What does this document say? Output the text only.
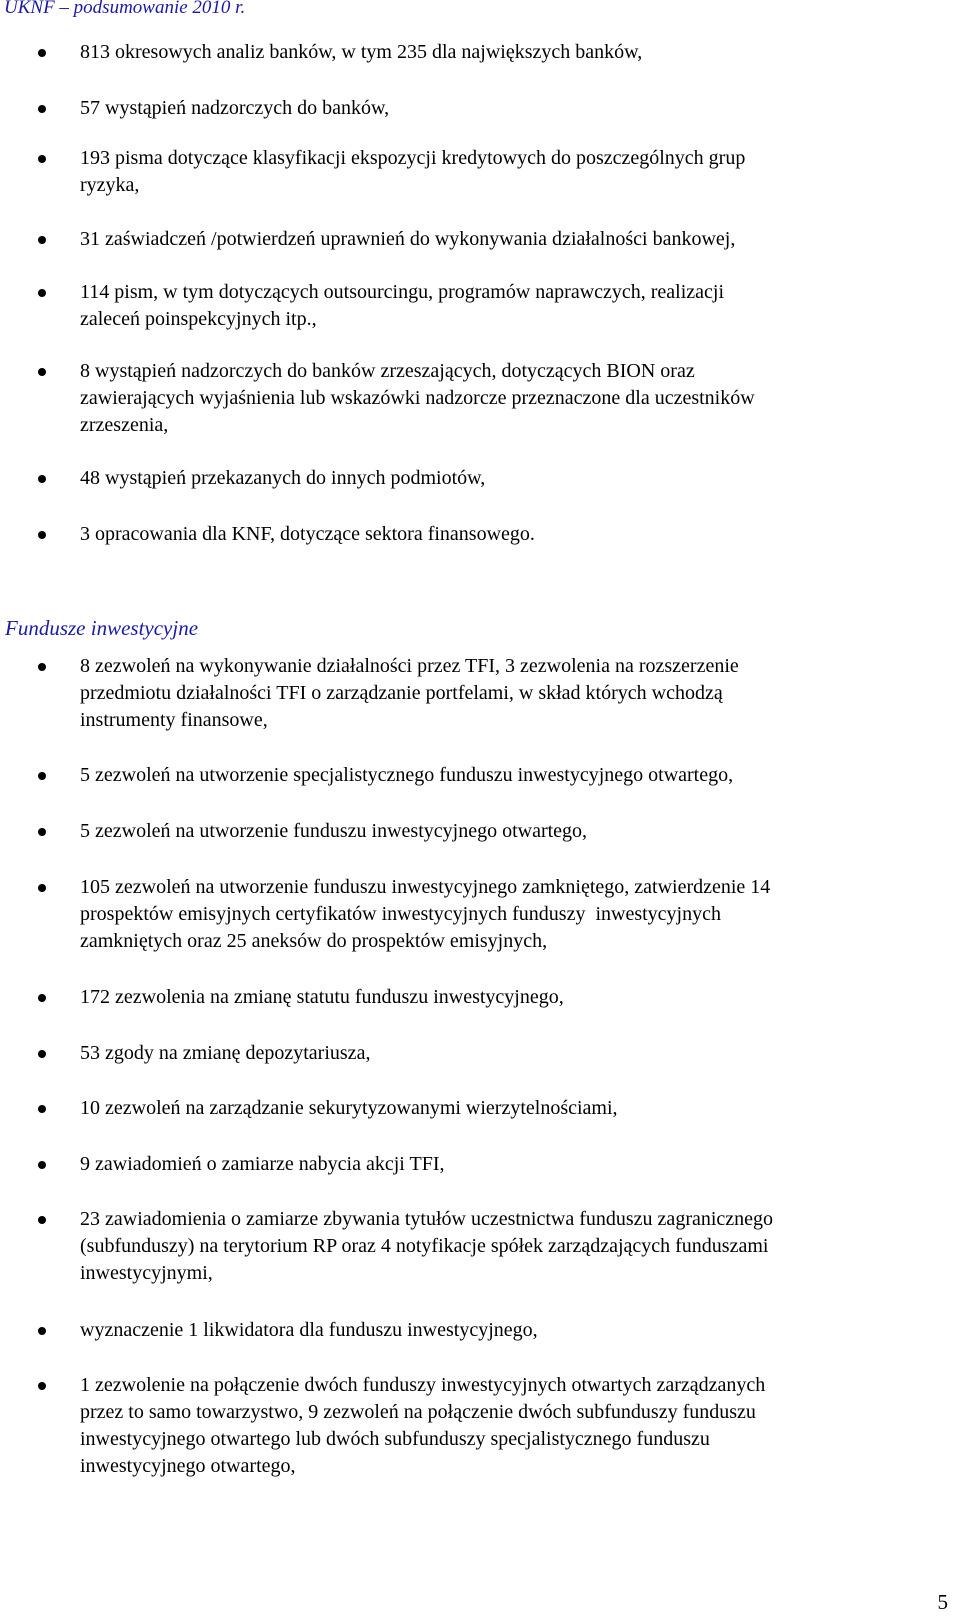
UKNF – podsumowanie 2010 r.
813 okresowych analiz banków, w tym 235 dla największych banków,
57 wystąpień nadzorczych do banków,
193 pisma dotyczące klasyfikacji ekspozycji kredytowych do poszczególnych grup
ryzyka,
31 zaświadczeń /potwierdzeń uprawnień do wykonywania działalności bankowej,
114 pism, w tym dotyczących outsourcingu, programów naprawczych, realizacji
zaleceń poinspekcyjnych itp.,
8 wystąpień nadzorczych do banków zrzeszających, dotyczących BION oraz
zawierających wyjaśnienia lub wskazówki nadzorcze przeznaczone dla uczestników
zrzeszenia,
48 wystąpień przekazanych do innych podmiotów,
3 opracowania dla KNF, dotyczące sektora finansowego.
Fundusze inwestycyjne
8 zezwoleń na wykonywanie działalności przez TFI, 3 zezwolenia na rozszerzenie
przedmiotu działalności TFI o zarządzanie portfelami, w skład których wchodzą
instrumenty finansowe,
5 zezwoleń na utworzenie specjalistycznego funduszu inwestycyjnego otwartego,
5 zezwoleń na utworzenie funduszu inwestycyjnego otwartego,
105 zezwoleń na utworzenie funduszu inwestycyjnego zamkniętego, zatwierdzenie 14
prospektów emisyjnych certyfikatów inwestycyjnych funduszy  inwestycyjnych
zamkniętych oraz 25 aneksów do prospektów emisyjnych,
172 zezwolenia na zmianę statutu funduszu inwestycyjnego,
53 zgody na zmianę depozytariusza,
10 zezwoleń na zarządzanie sekurytyzowanymi wierzytelnościami,
9 zawiadomień o zamiarze nabycia akcji TFI,
23 zawiadomienia o zamiarze zbywania tytułów uczestnictwa funduszu zagranicznego
(subfunduszy) na terytorium RP oraz 4 notyfikacje spółek zarządzających funduszami
inwestycyjnymi,
wyznaczenie 1 likwidatora dla funduszu inwestycyjnego,
1 zezwolenie na połączenie dwóch funduszy inwestycyjnych otwartych zarządzanych
przez to samo towarzystwo, 9 zezwoleń na połączenie dwóch subfunduszy funduszu
inwestycyjnego otwartego lub dwóch subfunduszy specjalistycznego funduszu
inwestycyjnego otwartego,
5
